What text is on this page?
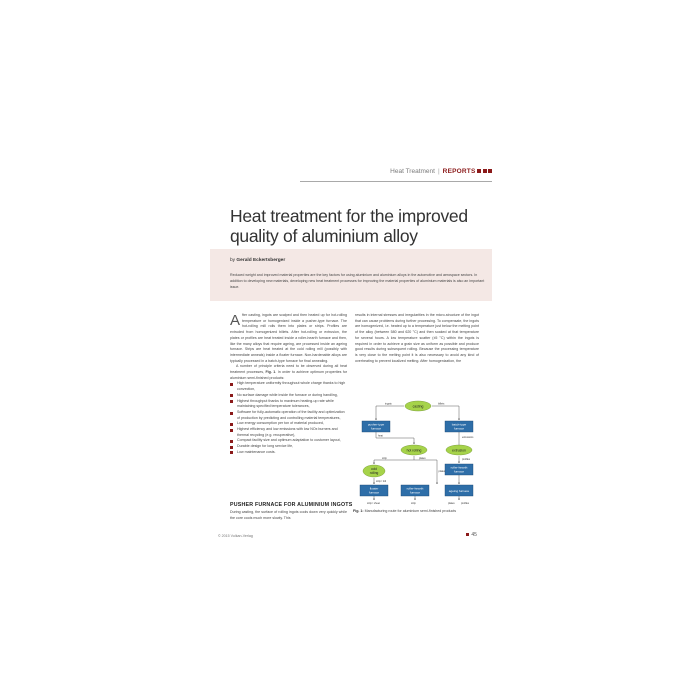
Heat Treatment | REPORTS
Heat treatment for the improved
quality of aluminium alloy
by Gerald Eckertsberger

Reduced weight and improved material properties are the key factors for using aluminium and aluminium alloys in the automotive and aerospace sectors. In addition to developing new materials, developing new heat treatment processes for improving the material properties of aluminium materials is also an important issue.

After casting, ingots are scalped and then heated up for hot-rolling temperature or homogenized inside a pusher-type furnace. The hot-rolling mill rolls them into plates or strips. Profiles are extruded from homogenized billets. After hot-rolling or extrusion, the plates or profiles are heat treated inside a roller-hearth furnace and then, like the many alloys that require ageing, are processed inside an ageing furnace. Strips are heat treated at the cold rolling mill (possibly with intermediate anneals) inside a floater furnace. Non-hardenable alloys are typically processed in a batch-type furnace for final annealing.

A number of principle criteria need to be observed during all heat treatment processes, Fig. 1. In order to achieve optimum properties for aluminium semi-finished products:

High temperature uniformity throughout whole charge thanks to high convection,
No surface damage while inside the furnace or during handling,
Highest throughput thanks to maximum heating-up rate while maintaining specified temperature tolerances,
Software for fully-automatic operation of the facility and optimization of production by predicting and controlling material temperatures,
Low energy consumption per ton of material produced,
Highest efficiency and low emissions with low NOx burners and thermal recycling (e.g. recuperative),
Compact facility size and optimum adaptation to customer layout,
Durable design for long service life,
Low maintenance costs.
PUSHER FURNACE FOR ALUMINIUM INGOTS

During casting, the surface of rolling ingots cools down very quickly while the core cools much more slowly. This

results in internal stresses and irregularities in the micro-structure of the ingot that can cause problems during further processing. To compensate, the ingots are homogenized, i.e. heated up to a temperature just below the melting point of the alloy (between 580 and 620 °C) and then soaked at that temperature for several hours. A low temperature scatter (±5 °C) within the ingots is required in order to achieve a grain size as uniform as possible and produce good results during subsequent rolling. Because the processing temperature is very close to the melting point it is also necessary to avoid any kind of overheating to prevent localized melting. After homogenization, the

casting
hot rolling	extrusion
cold
rolling
pusher-type
furnace
batch-type
furnace
roller-hearth
furnace
floater
furnace
roller-hearth
furnace	ageing furnace
ingots	billets
heat	extrusions
strip	plates
plates
profiles
strip / foil
strip / sheet	strip	plates	profiles

Fig. 1: Manufacturing route for aluminium semi-finished products

© 2015 Vulkan-Verlag	45
